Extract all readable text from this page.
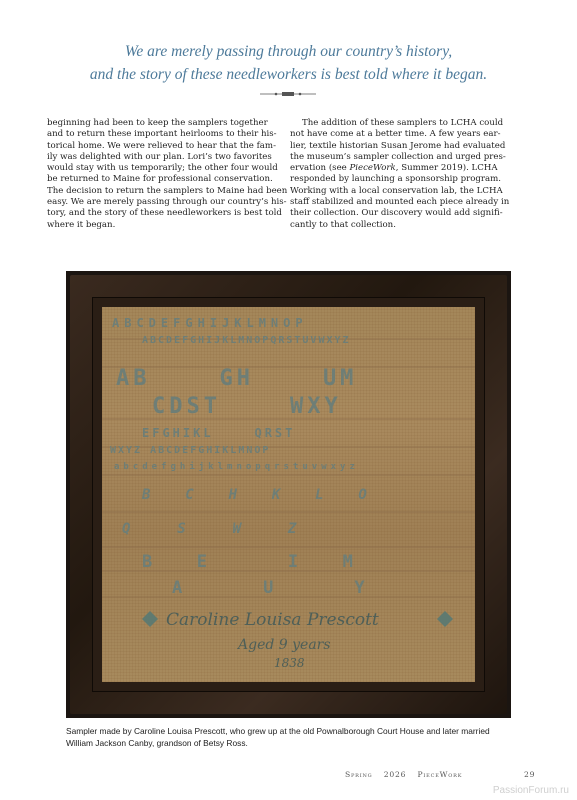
We are merely passing through our country’s history,
and the story of these needleworkers is best told where it began.
beginning had been to keep the samplers together
and to return these important heirlooms to their his-
torical home. We were relieved to hear that the fam-
ily was delighted with our plan. Lori’s two favorites
would stay with us temporarily; the other four would
be returned to Maine for professional conservation.
The decision to return the samplers to Maine had been
easy. We are merely passing through our country’s his-
tory, and the story of these needleworkers is best told
where it began.
The addition of these samplers to LCHA could
not have come at a better time. A few years ear-
lier, textile historian Susan Jerome had evaluated
the museum’s sampler collection and urged pres-
ervation (see PieceWork, Summer 2019). LCHA
responded by launching a sponsorship program.
Working with a local conservation lab, the LCHA
staff stabilized and mounted each piece already in
their collection. Our discovery would add signifi-
cantly to that collection.
ABCDEFGHIJKLMNOP
ABCDEFGHIJKLMNOPQRSTUVWXYZ
AB    GH    UM
CDST    WXY
EFGHIKL    QRST
WXYZ ABCDEFGHIKLMNOP
abcdefghijklmnopqrstuvwxyz
B  C  H  K  L  O
Q  S  W  Z
B  E    I  M
A    U    Y
Caroline Louisa Prescott
Aged 9 years
1838
Sampler made by Caroline Louisa Prescott, who grew up at the old Pownalborough Court House and later married
William Jackson Canby, grandson of Betsy Ross.
Spring 2026 PieceWork	29
PassionForum.ru
